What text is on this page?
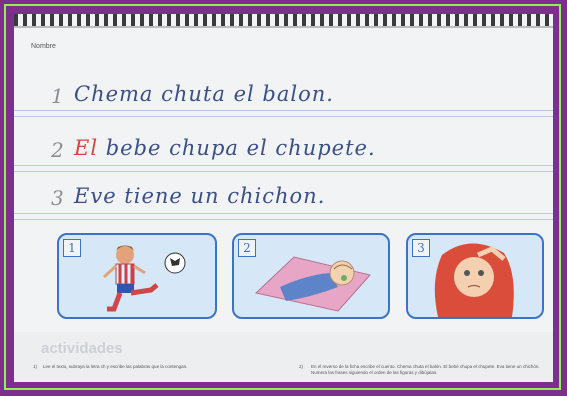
Nombre
1 Chema chuta el balon.
2 El bebe chupa el chupete.
3 Eve tiene un chichon.
1	2	3
actividades
1)	Lee el texto, subraya la letra ch y escribe las palabras que la contengan.	2)	En el reverso de la ficha escribe el cuento. Chema chuta el balón. El bebé chupa el chupete. Eva tiene un chichón. Numera las frases siguiendo el orden de las figuras y dibújalas.
